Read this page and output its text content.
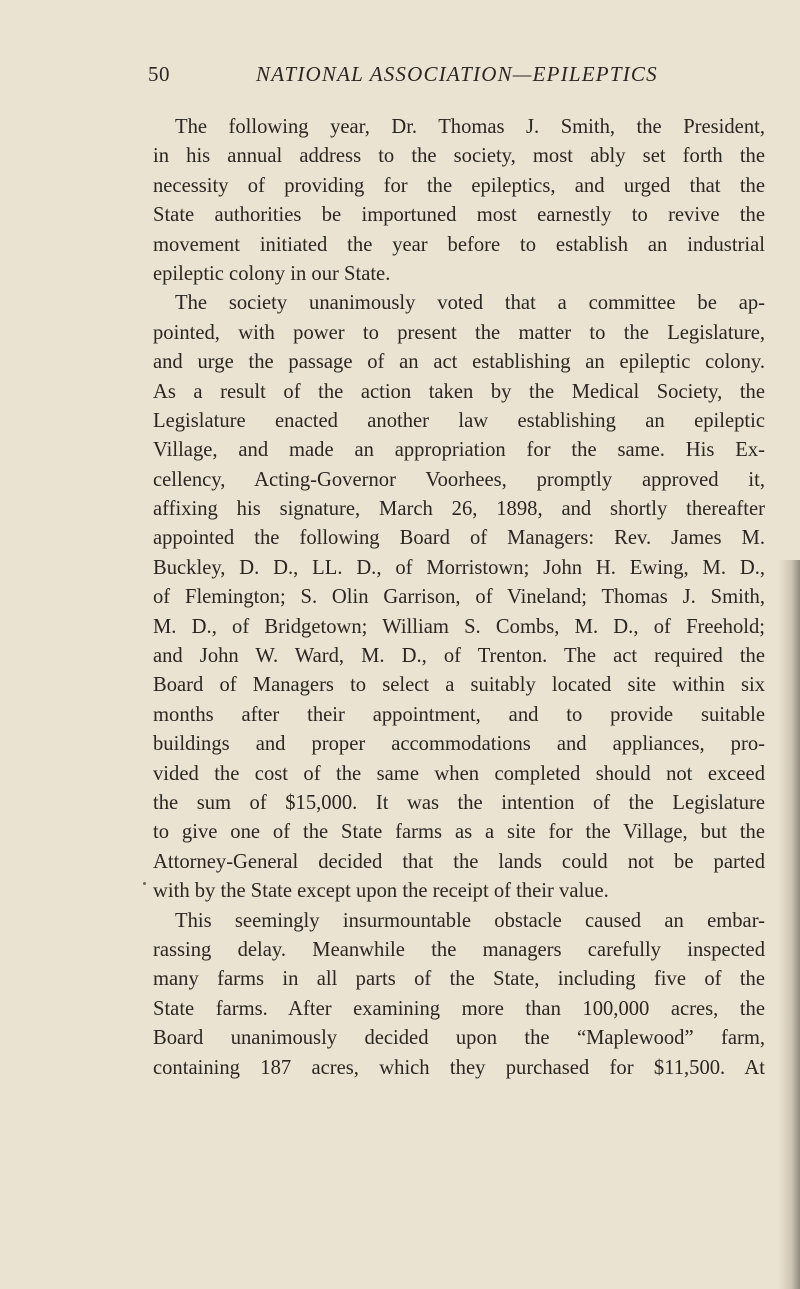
50	NATIONAL ASSOCIATION—EPILEPTICS
The following year, Dr. Thomas J. Smith, the President,
in his annual address to the society, most ably set forth the
necessity of providing for the epileptics, and urged that the
State authorities be importuned most earnestly to revive the
movement initiated the year before to establish an industrial
epileptic colony in our State.
The society unanimously voted that a committee be ap-
pointed, with power to present the matter to the Legislature,
and urge the passage of an act establishing an epileptic colony.
As a result of the action taken by the Medical Society, the
Legislature enacted another law establishing an epileptic
Village, and made an appropriation for the same. His Ex-
cellency, Acting-Governor Voorhees, promptly approved it,
affixing his signature, March 26, 1898, and shortly thereafter
appointed the following Board of Managers: Rev. James M.
Buckley, D. D., LL. D., of Morristown; John H. Ewing, M. D.,
of Flemington; S. Olin Garrison, of Vineland; Thomas J. Smith,
M. D., of Bridgetown; William S. Combs, M. D., of Freehold;
and John W. Ward, M. D., of Trenton. The act required the
Board of Managers to select a suitably located site within six
months after their appointment, and to provide suitable
buildings and proper accommodations and appliances, pro-
vided the cost of the same when completed should not exceed
the sum of $15,000. It was the intention of the Legislature
to give one of the State farms as a site for the Village, but the
Attorney-General decided that the lands could not be parted
with by the State except upon the receipt of their value.
This seemingly insurmountable obstacle caused an embar-
rassing delay. Meanwhile the managers carefully inspected
many farms in all parts of the State, including five of the
State farms. After examining more than 100,000 acres, the
Board unanimously decided upon the “Maplewood” farm,
containing 187 acres, which they purchased for $11,500. At
